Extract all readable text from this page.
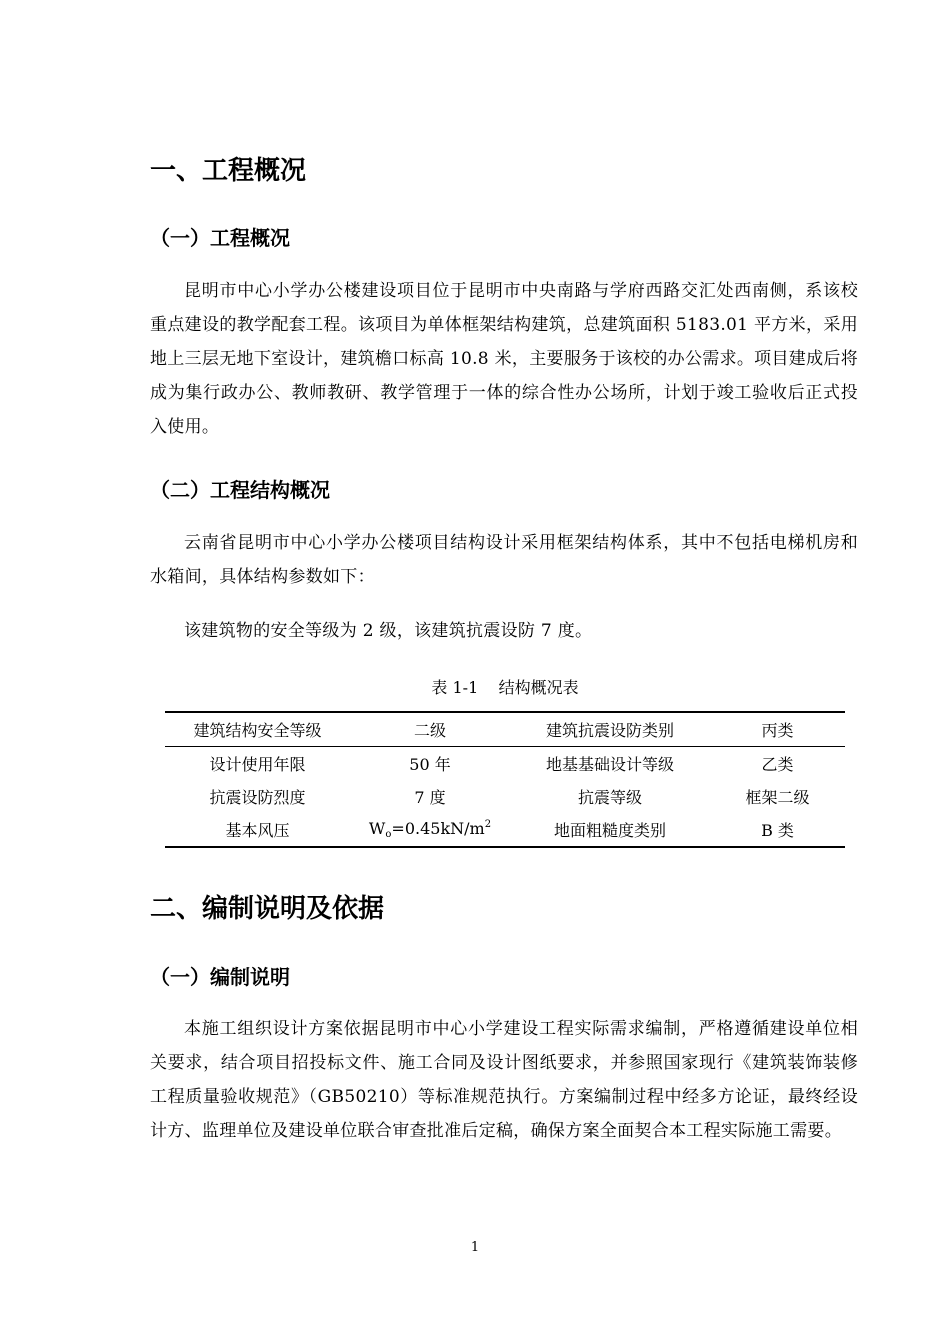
一、工程概况
（一）工程概况

昆明市中心小学办公楼建设项目位于昆明市中央南路与学府西路交汇处西南侧，系该校重点建设的教学配套工程。该项目为单体框架结构建筑，总建筑面积 5183.01 平方米，采用地上三层无地下室设计，建筑檐口标高 10.8 米，主要服务于该校的办公需求。项目建成后将成为集行政办公、教师教研、教学管理于一体的综合性办公场所，计划于竣工验收后正式投入使用。

（二）工程结构概况

云南省昆明市中心小学办公楼项目结构设计采用框架结构体系，其中不包括电梯机房和水箱间，具体结构参数如下：

该建筑物的安全等级为 2 级，该建筑抗震设防 7 度。

表 1-1    结构概况表
建筑结构安全等级	二级	建筑抗震设防类别	丙类
设计使用年限	50 年	地基基础设计等级	乙类
抗震设防烈度	7 度	抗震等级	框架二级
基本风压	$W_o=0.45kN/m^2$	地面粗糙度类别	B 类
二、编制说明及依据
（一）编制说明

本施工组织设计方案依据昆明市中心小学建设工程实际需求编制，严格遵循建设单位相关要求，结合项目招投标文件、施工合同及设计图纸要求，并参照国家现行《建筑装饰装修工程质量验收规范》（GB50210）等标准规范执行。方案编制过程中经多方论证，最终经设计方、监理单位及建设单位联合审查批准后定稿，确保方案全面契合本工程实际施工需要。

1
